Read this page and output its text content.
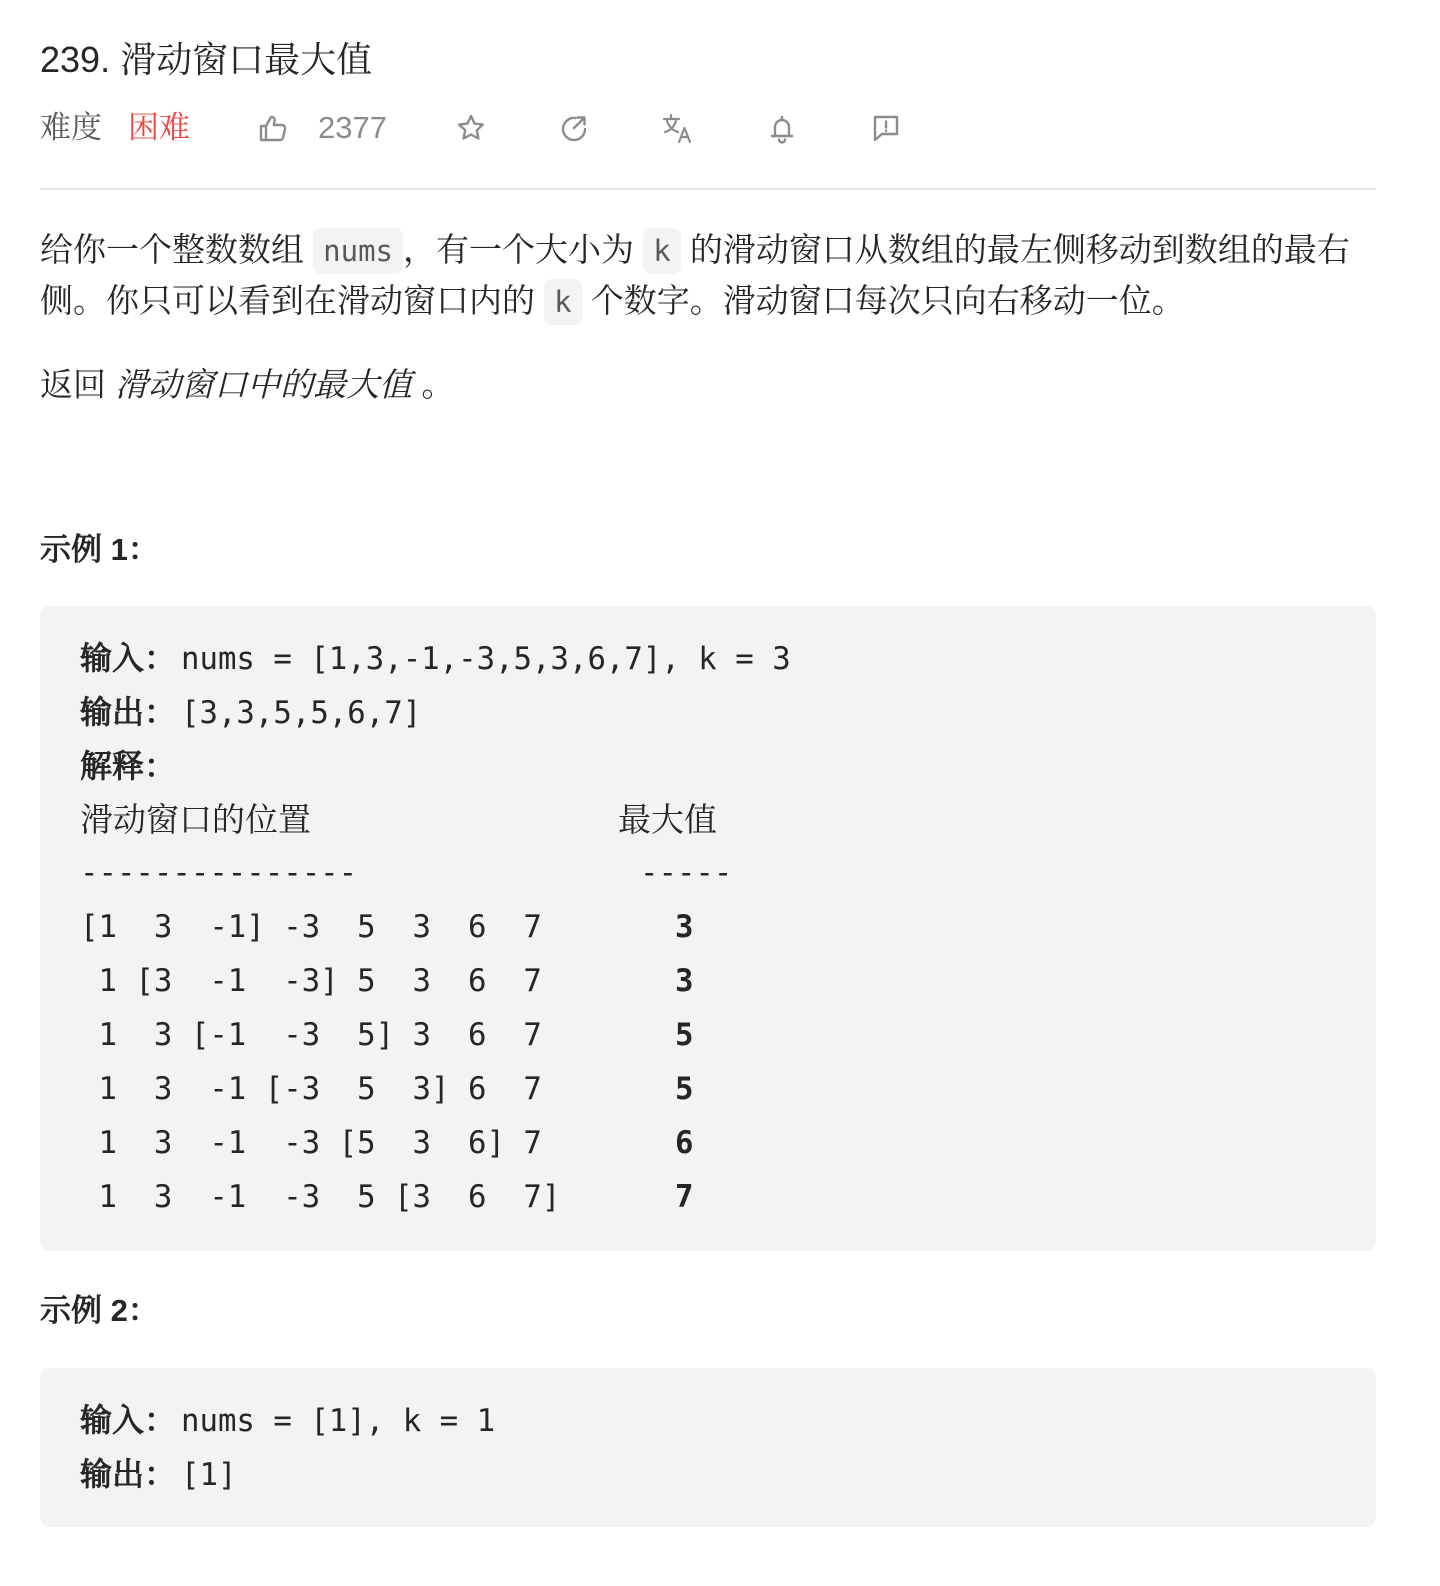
239. 滑动窗口最大值
难度 困难	2377

给你一个整数数组 nums ，有一个大小为 k 的滑动窗口从数组的最左侧移动到数组的最右侧。你只可以看到在滑动窗口内的 k 个数字。滑动窗口每次只向右移动一位。

返回 滑动窗口中的最大值 。

示例 1：
输入： nums = [1,3,-1,-3,5,3,6,7], k = 3
输出： [3,3,5,5,6,7]
解释：
滑动窗口的位置	最大值
---------------	-----
[1  3  -1] -3  5  3  6  7	3
1 [3  -1  -3] 5  3  6  7	3
1  3 [-1  -3  5] 3  6  7	5
1  3  -1 [-3  5  3] 6  7	5
1  3  -1  -3 [5  3  6] 7	6
1  3  -1  -3  5 [3  6  7]	7
示例 2：
输入： nums = [1], k = 1
输出： [1]
